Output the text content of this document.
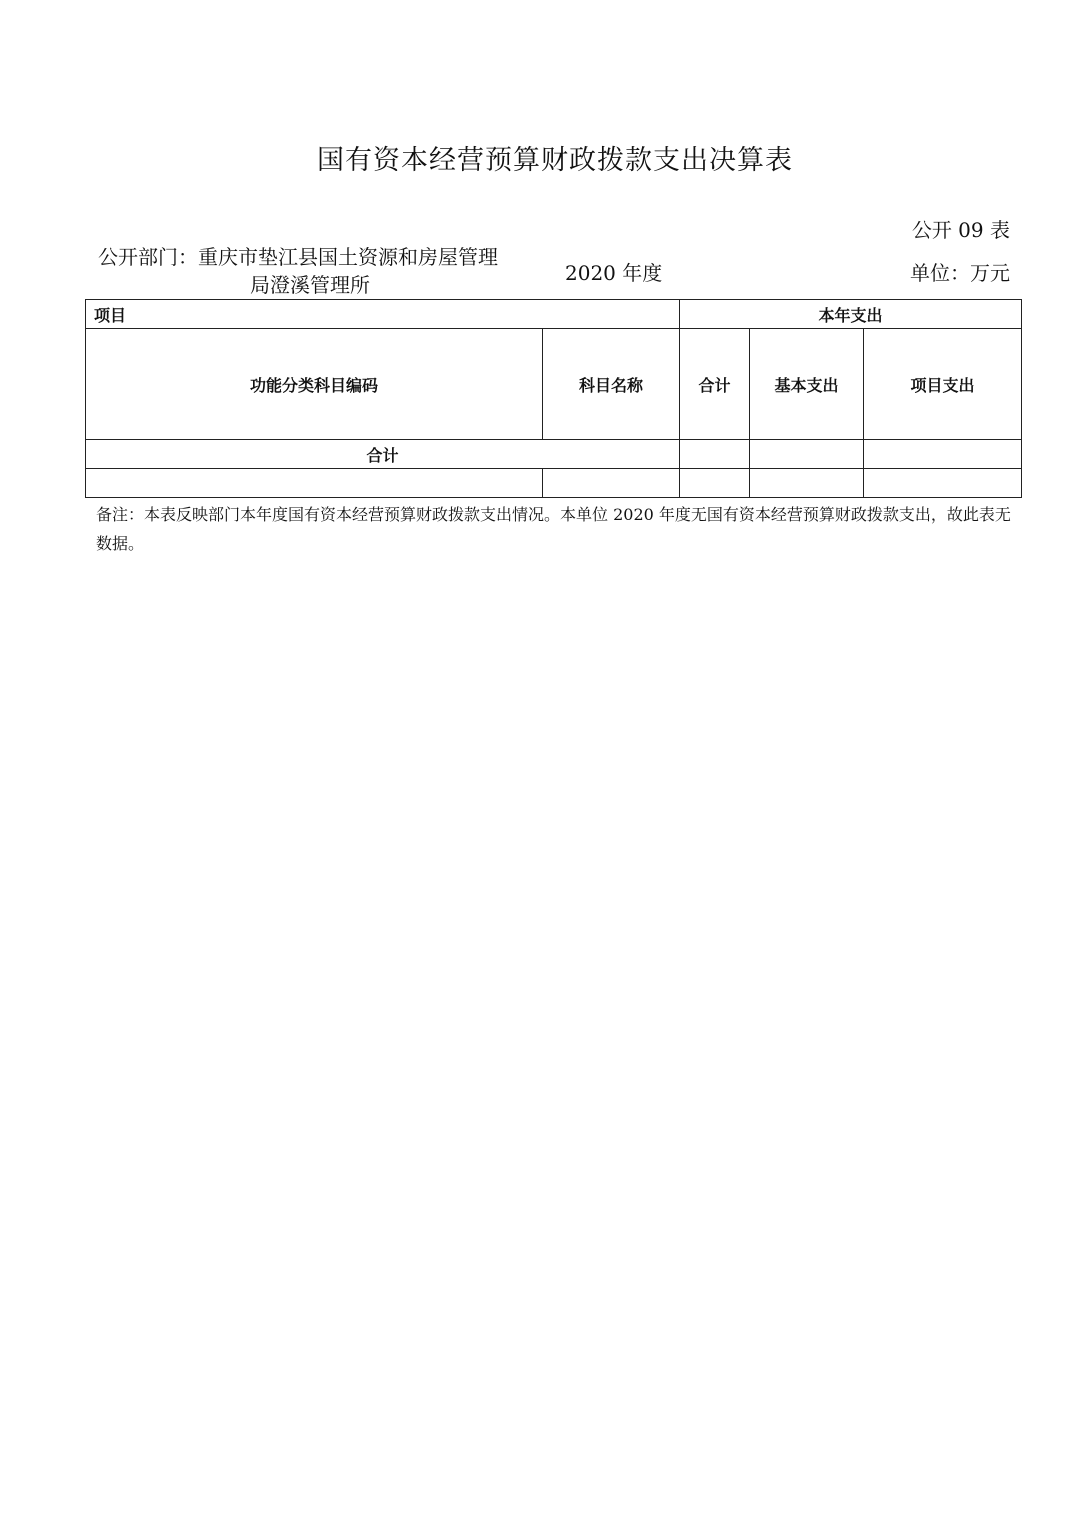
国有资本经营预算财政拨款支出决算表
公开 09 表
公开部门：重庆市垫江县国土资源和房屋管理
局澄溪管理所	2020 年度	单位：万元
项目		本年支出		
功能分类科目编码	科目名称	合计	基本支出	项目支出
合计				

备注：本表反映部门本年度国有资本经营预算财政拨款支出情况。本单位 2020 年度无国有资本经营预算财政拨款支出，故此表无数据。
